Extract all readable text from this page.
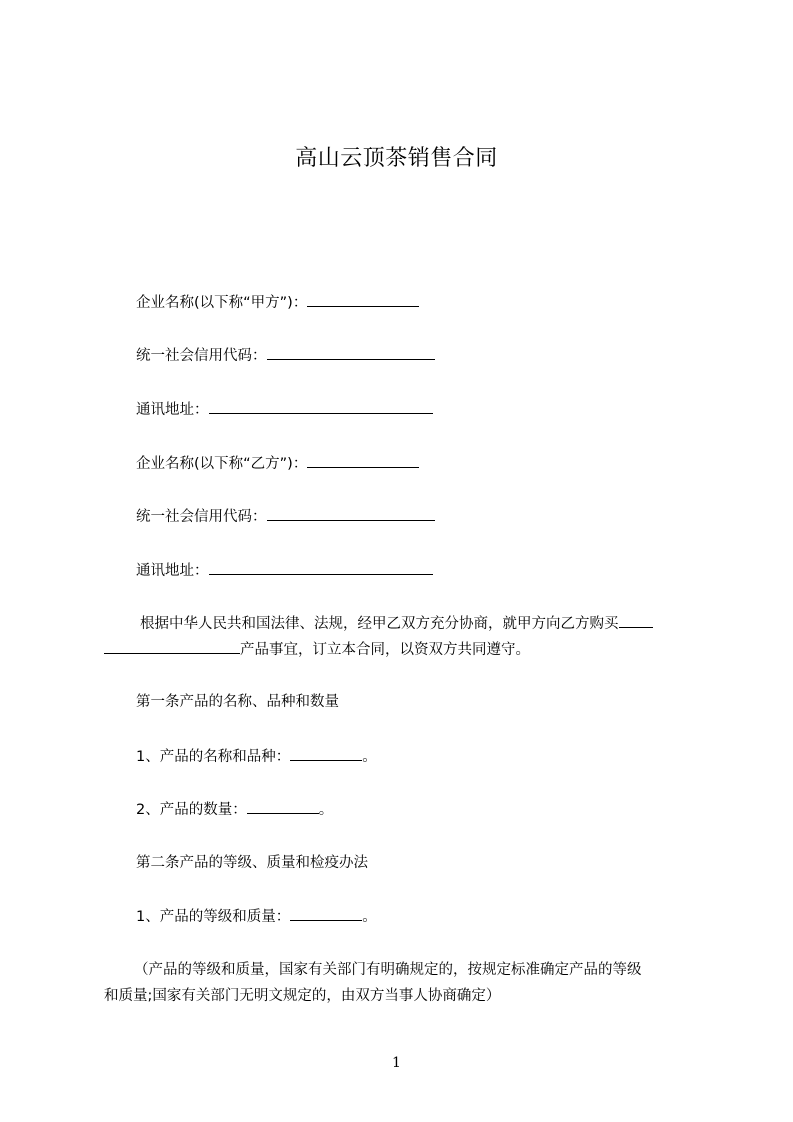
高山云顶茶销售合同
企业名称(以下称“甲方”)：
统一社会信用代码：
通讯地址：
企业名称(以下称“乙方”)：
统一社会信用代码：
通讯地址：
根据中华人民共和国法律、法规，经甲乙双方充分协商，就甲方向乙方购买
产品事宜，订立本合同，以资双方共同遵守。
第一条产品的名称、品种和数量
1、产品的名称和品种：	。
2、产品的数量：	。
第二条产品的等级、质量和检疫办法
1、产品的等级和质量：	。
（产品的等级和质量，国家有关部门有明确规定的，按规定标准确定产品的等级
和质量;国家有关部门无明文规定的，由双方当事人协商确定）
1
